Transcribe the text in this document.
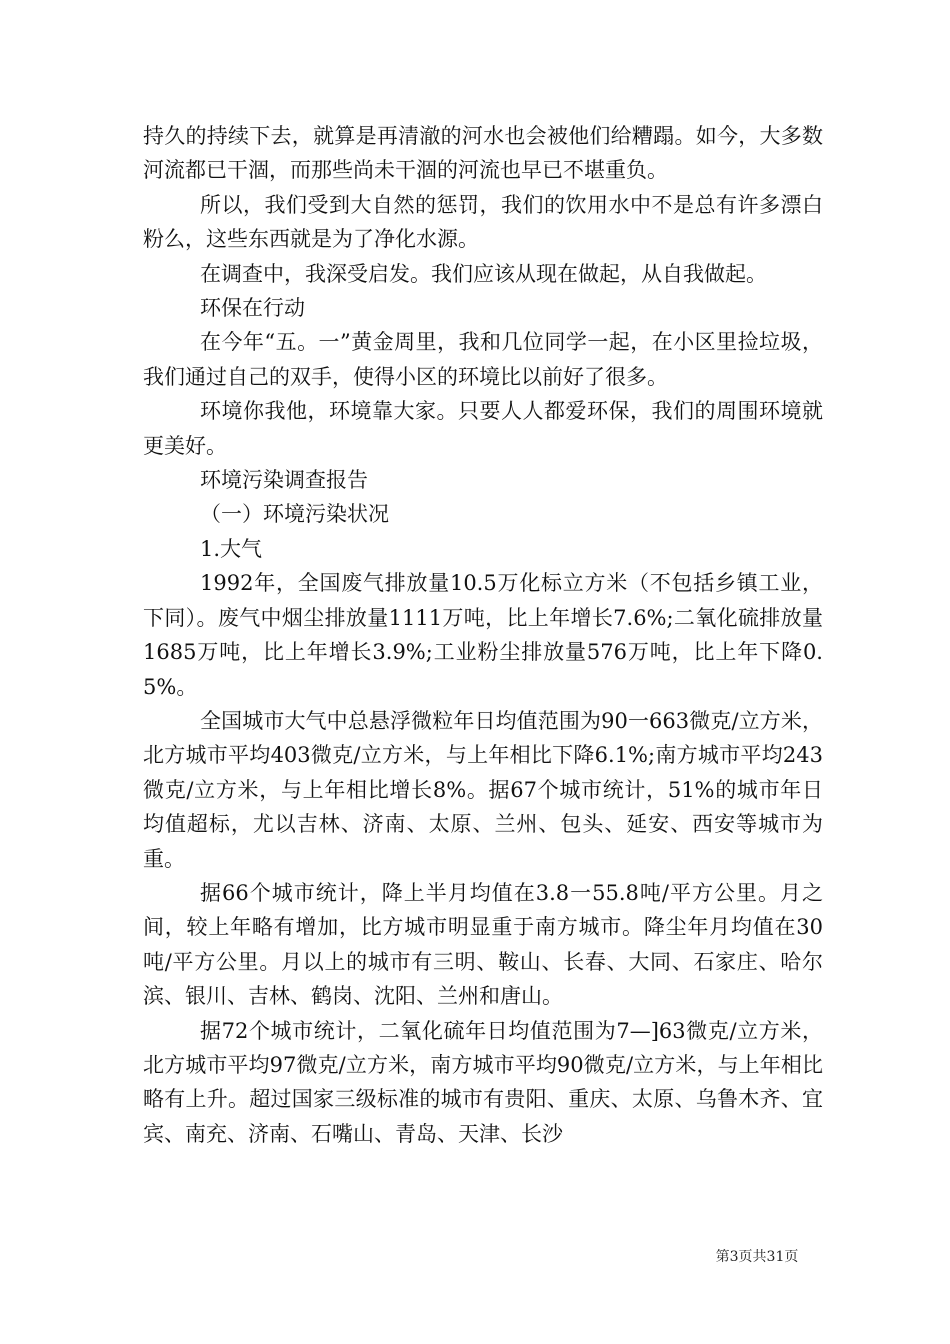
持久的持续下去，就算是再清澈的河水也会被他们给糟蹋。如今，大多数河流都已干涸，而那些尚未干涸的河流也早已不堪重负。

所以，我们受到大自然的惩罚，我们的饮用水中不是总有许多漂白粉么，这些东西就是为了净化水源。

在调查中，我深受启发。我们应该从现在做起，从自我做起。

环保在行动

在今年“五。一”黄金周里，我和几位同学一起，在小区里捡垃圾，我们通过自己的双手，使得小区的环境比以前好了很多。

环境你我他，环境靠大家。只要人人都爱环保，我们的周围环境就更美好。

环境污染调查报告

（一）环境污染状况

1.大气

1992年，全国废气排放量10.5万化标立方米（不包括乡镇工业，下同）。废气中烟尘排放量1111万吨，比上年增长7.6%;二氧化硫排放量1685万吨，比上年增长3.9%;工业粉尘排放量576万吨，比上年下降0.5%。

全国城市大气中总悬浮微粒年日均值范围为90一663微克/立方米，北方城市平均403微克/立方米，与上年相比下降6.1%;南方城市平均243微克/立方米，与上年相比增长8%。据67个城市统计，51%的城市年日均值超标，尤以吉林、济南、太原、兰州、包头、延安、西安等城市为重。

据66个城市统计，降上半月均值在3.8一55.8吨/平方公里。月之间，较上年略有增加，比方城市明显重于南方城市。降尘年月均值在30吨/平方公里。月以上的城市有三明、鞍山、长春、大同、石家庄、哈尔滨、银川、吉林、鹤岗、沈阳、兰州和唐山。

据72个城市统计，二氧化硫年日均值范围为7—]63微克/立方米，北方城市平均97微克/立方米，南方城市平均90微克/立方米，与上年相比略有上升。超过国家三级标准的城市有贵阳、重庆、太原、乌鲁木齐、宜宾、南充、济南、石嘴山、青岛、天津、长沙

第3页共31页
